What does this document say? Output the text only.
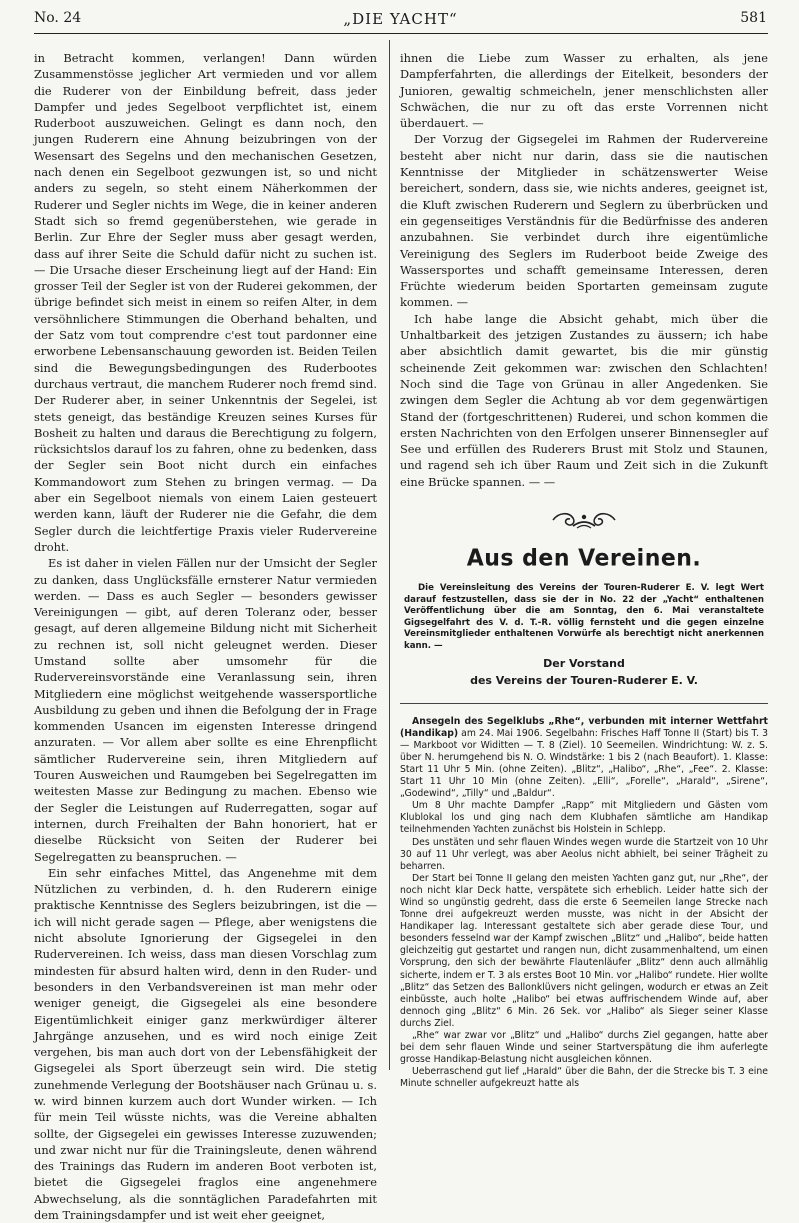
No. 24	„DIE YACHT“	581

in Betracht kommen, verlangen! Dann würden Zusammenstösse jeglicher Art vermieden und vor allem die Ruderer von der Einbildung befreit, dass jeder Dampfer und jedes Segelboot verpflichtet ist, einem Ruderboot auszuweichen. Gelingt es dann noch, den jungen Ruderern eine Ahnung beizubringen von der Wesensart des Segelns und den mechanischen Gesetzen, nach denen ein Segelboot gezwungen ist, so und nicht anders zu segeln, so steht einem Näherkommen der Ruderer und Segler nichts im Wege, die in keiner anderen Stadt sich so fremd gegenüberstehen, wie gerade in Berlin. Zur Ehre der Segler muss aber gesagt werden, dass auf ihrer Seite die Schuld dafür nicht zu suchen ist. — Die Ursache dieser Erscheinung liegt auf der Hand: Ein grosser Teil der Segler ist von der Ruderei gekommen, der übrige befindet sich meist in einem so reifen Alter, in dem versöhnlichere Stimmungen die Oberhand behalten, und der Satz vom tout comprendre c'est tout pardonner eine erworbene Lebensanschauung geworden ist. Beiden Teilen sind die Bewegungsbedingungen des Ruderbootes durchaus vertraut, die manchem Ruderer noch fremd sind. Der Ruderer aber, in seiner Unkenntnis der Segelei, ist stets geneigt, das beständige Kreuzen seines Kurses für Bosheit zu halten und daraus die Berechtigung zu folgern, rücksichtslos darauf los zu fahren, ohne zu bedenken, dass der Segler sein Boot nicht durch ein einfaches Kommandowort zum Stehen zu bringen vermag. — Da aber ein Segelboot niemals von einem Laien gesteuert werden kann, läuft der Ruderer nie die Gefahr, die dem Segler durch die leichtfertige Praxis vieler Rudervereine droht.

Es ist daher in vielen Fällen nur der Umsicht der Segler zu danken, dass Unglücksfälle ernsterer Natur vermieden werden. — Dass es auch Segler — besonders gewisser Vereinigungen — gibt, auf deren Toleranz oder, besser gesagt, auf deren allgemeine Bildung nicht mit Sicherheit zu rechnen ist, soll nicht geleugnet werden. Dieser Umstand sollte aber umsomehr für die Rudervereinsvorstände eine Veranlassung sein, ihren Mitgliedern eine möglichst weitgehende wassersportliche Ausbildung zu geben und ihnen die Befolgung der in Frage kommenden Usancen im eigensten Interesse dringend anzuraten. — Vor allem aber sollte es eine Ehrenpflicht sämtlicher Rudervereine sein, ihren Mitgliedern auf Touren Ausweichen und Raumgeben bei Segelregatten im weitesten Masse zur Bedingung zu machen. Ebenso wie der Segler die Leistungen auf Ruderregatten, sogar auf internen, durch Freihalten der Bahn honoriert, hat er dieselbe Rücksicht von Seiten der Ruderer bei Segelregatten zu beanspruchen. —

Ein sehr einfaches Mittel, das Angenehme mit dem Nützlichen zu verbinden, d. h. den Ruderern einige praktische Kenntnisse des Seglers beizubringen, ist die — ich will nicht gerade sagen — Pflege, aber wenigstens die nicht absolute Ignorierung der Gigsegelei in den Rudervereinen. Ich weiss, dass man diesen Vorschlag zum mindesten für absurd halten wird, denn in den Ruder- und besonders in den Verbandsvereinen ist man mehr oder weniger geneigt, die Gigsegelei als eine besondere Eigentümlichkeit einiger ganz merkwürdiger älterer Jahrgänge anzusehen, und es wird noch einige Zeit vergehen, bis man auch dort von der Lebensfähigkeit der Gigsegelei als Sport überzeugt sein wird. Die stetig zunehmende Verlegung der Bootshäuser nach Grünau u. s. w. wird binnen kurzem auch dort Wunder wirken. — Ich für mein Teil wüsste nichts, was die Vereine abhalten sollte, der Gigsegelei ein gewisses Interesse zuzuwenden; und zwar nicht nur für die Trainingsleute, denen während des Trainings das Rudern im anderen Boot verboten ist, bietet die Gigsegelei fraglos eine angenehmere Abwechselung, als die sonntäglichen Paradefahrten mit dem Trainingsdampfer und ist weit eher geeignet,

ihnen die Liebe zum Wasser zu erhalten, als jene Dampferfahrten, die allerdings der Eitelkeit, besonders der Junioren, gewaltig schmeicheln, jener menschlichsten aller Schwächen, die nur zu oft das erste Vorrennen nicht überdauert. —

Der Vorzug der Gigsegelei im Rahmen der Rudervereine besteht aber nicht nur darin, dass sie die nautischen Kenntnisse der Mitglieder in schätzenswerter Weise bereichert, sondern, dass sie, wie nichts anderes, geeignet ist, die Kluft zwischen Ruderern und Seglern zu überbrücken und ein gegenseitiges Verständnis für die Bedürfnisse des anderen anzubahnen. Sie verbindet durch ihre eigentümliche Vereinigung des Seglers im Ruderboot beide Zweige des Wassersportes und schafft gemeinsame Interessen, deren Früchte wiederum beiden Sportarten gemeinsam zugute kommen. —

Ich habe lange die Absicht gehabt, mich über die Unhaltbarkeit des jetzigen Zustandes zu äussern; ich habe aber absichtlich damit gewartet, bis die mir günstig scheinende Zeit gekommen war: zwischen den Schlachten! Noch sind die Tage von Grünau in aller Angedenken. Sie zwingen dem Segler die Achtung ab vor dem gegenwärtigen Stand der (fortgeschrittenen) Ruderei, und schon kommen die ersten Nachrichten von den Erfolgen unserer Binnensegler auf See und erfüllen des Ruderers Brust mit Stolz und Staunen, und ragend seh ich über Raum und Zeit sich in die Zukunft eine Brücke spannen. — —

Aus den Vereinen.

Die Vereinsleitung des Vereins der Touren-Ruderer E. V. legt Wert darauf festzustellen, dass sie der in No. 22 der „Yacht“ enthaltenen Veröffentlichung über die am Sonntag, den 6. Mai veranstaltete Gigsegelfahrt des V. d. T.-R. völlig fernsteht und die gegen einzelne Vereinsmitglieder enthaltenen Vorwürfe als berechtigt nicht anerkennen kann. —

Der Vorstand
des Vereins der Touren-Ruderer E. V.

Ansegeln des Segelklubs „Rhe“, verbunden mit interner Wettfahrt (Handikap) am 24. Mai 1906. Segelbahn: Frisches Haff Tonne II (Start) bis T. 3 — Markboot vor Widitten — T. 8 (Ziel). 10 Seemeilen. Windrichtung: W. z. S. über N. herumgehend bis N. O. Windstärke: 1 bis 2 (nach Beaufort). 1. Klasse: Start 11 Uhr 5 Min. (ohne Zeiten). „Blitz“, „Halibo“, „Rhe“, „Fee“. 2. Klasse: Start 11 Uhr 10 Min (ohne Zeiten). „Elli“, „Forelle“, „Harald“, „Sirene“, „Godewind“, „Tilly“ und „Baldur“.

Um 8 Uhr machte Dampfer „Rapp“ mit Mitgliedern und Gästen vom Klublokal los und ging nach dem Klubhafen sämtliche am Handikap teilnehmenden Yachten zunächst bis Holstein in Schlepp.

Des unstäten und sehr flauen Windes wegen wurde die Startzeit von 10 Uhr 30 auf 11 Uhr verlegt, was aber Aeolus nicht abhielt, bei seiner Trägheit zu beharren.

Der Start bei Tonne II gelang den meisten Yachten ganz gut, nur „Rhe“, der noch nicht klar Deck hatte, verspätete sich erheblich. Leider hatte sich der Wind so ungünstig gedreht, dass die erste 6 Seemeilen lange Strecke nach Tonne drei aufgekreuzt werden musste, was nicht in der Absicht der Handikaper lag. Interessant gestaltete sich aber gerade diese Tour, und besonders fesselnd war der Kampf zwischen „Blitz“ und „Halibo“, beide hatten gleichzeitig gut gestartet und rangen nun, dicht zusammenhaltend, um einen Vorsprung, den sich der bewährte Flautenläufer „Blitz“ denn auch allmählig sicherte, indem er T. 3 als erstes Boot 10 Min. vor „Halibo“ rundete. Hier wollte „Blitz“ das Setzen des Ballonklüvers nicht gelingen, wodurch er etwas an Zeit einbüsste, auch holte „Halibo“ bei etwas auffrischendem Winde auf, aber dennoch ging „Blitz“ 6 Min. 26 Sek. vor „Halibo“ als Sieger seiner Klasse durchs Ziel.

„Rhe“ war zwar vor „Blitz“ und „Halibo“ durchs Ziel gegangen, hatte aber bei dem sehr flauen Winde und seiner Startverspätung die ihm auferlegte grosse Handikap-Belastung nicht ausgleichen können.

Ueberraschend gut lief „Harald“ über die Bahn, der die Strecke bis T. 3 eine Minute schneller aufgekreuzt hatte als
